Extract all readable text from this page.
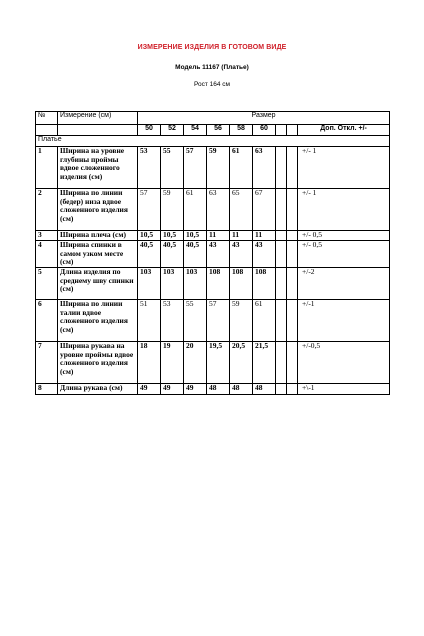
ИЗМЕРЕНИЕ ИЗДЕЛИЯ В ГОТОВОМ ВИДЕ
Модель 11167 (Платье)
Рост 164 см
№	Измерение (см)	Размер								
		50	52	54	56	58	60			Доп. Откл. +/-
Платье										
1	Ширина на уровне глубины проймы вдвое сложенного изделия (см)	53	55	57	59	61	63			+/- 1
2	Ширина по линии (бедер) низа вдвое сложенного изделия (см)	57	59	61	63	65	67			+/- 1
3	Ширина плеча (см)	10,5	10,5	10,5	11	11	11			+/- 0,5
4	Ширина спинки в самом узком месте (см)	40,5	40,5	40,5	43	43	43			+/- 0,5
5	Длина изделия по среднему шву спинки (см)	103	103	103	108	108	108			+/-2
6	Ширина по линии талии вдвое сложенного изделия (см)	51	53	55	57	59	61			+/-1
7	Ширина рукава на уровне проймы вдвое сложенного изделия (см)	18	19	20	19,5	20,5	21,5			+/-0,5
8	Длина рукава (см)	49	49	49	48	48	48			+\-1
